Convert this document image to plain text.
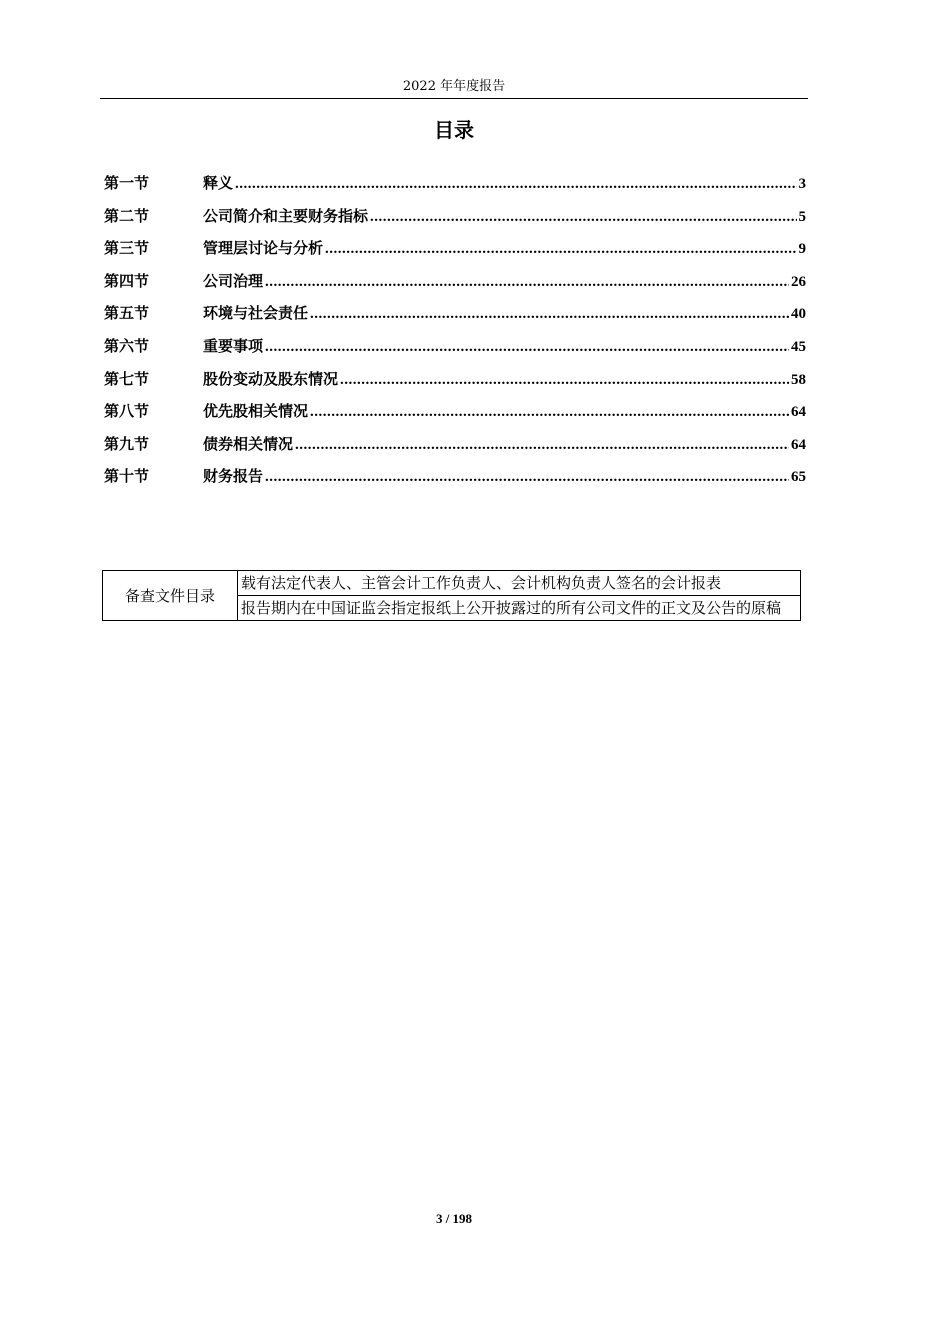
2022 年年度报告
目录
第一节	释义 .....	3
第二节	公司简介和主要财务指标 .....	5
第三节	管理层讨论与分析 .....	9
第四节	公司治理 .....	26
第五节	环境与社会责任 .....	40
第六节	重要事项 .....	45
第七节	股份变动及股东情况 .....	58
第八节	优先股相关情况 .....	64
第九节	债券相关情况 .....	64
第十节	财务报告 .....	65
备查文件目录	载有法定代表人、主管会计工作负责人、会计机构负责人签名的会计报表
报告期内在中国证监会指定报纸上公开披露过的所有公司文件的正文及公告的原稿
3 / 198
